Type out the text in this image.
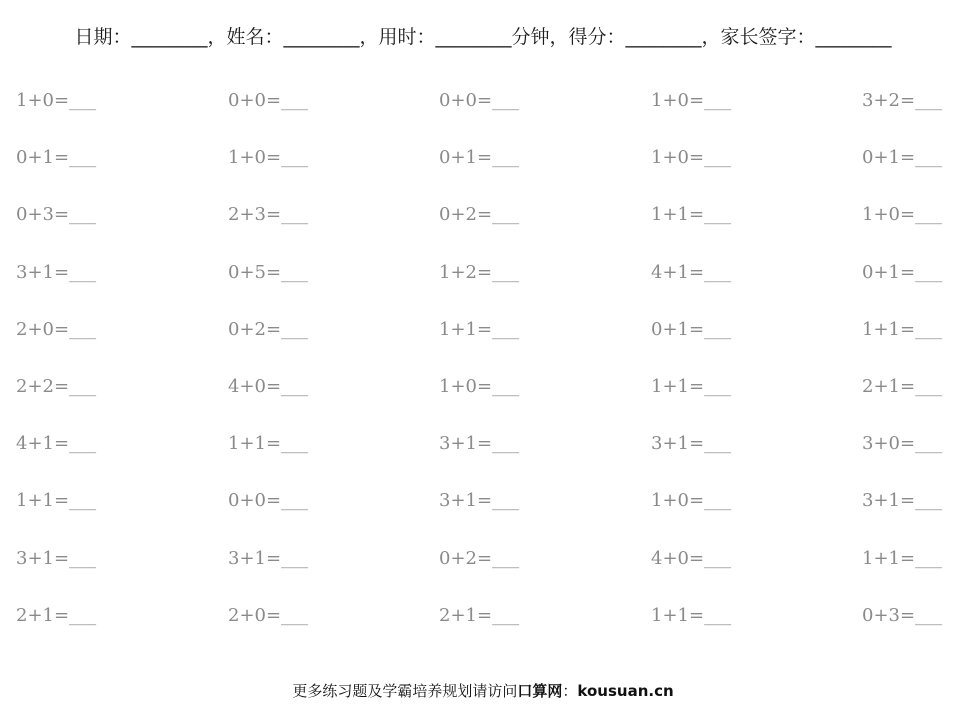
日期：________，姓名：________，用时：________分钟，得分：________，家长签字：________
1+0=___	0+0=___	0+0=___	1+0=___	3+2=___
0+1=___	1+0=___	0+1=___	1+0=___	0+1=___
0+3=___	2+3=___	0+2=___	1+1=___	1+0=___
3+1=___	0+5=___	1+2=___	4+1=___	0+1=___
2+0=___	0+2=___	1+1=___	0+1=___	1+1=___
2+2=___	4+0=___	1+0=___	1+1=___	2+1=___
4+1=___	1+1=___	3+1=___	3+1=___	3+0=___
1+1=___	0+0=___	3+1=___	1+0=___	3+1=___
3+1=___	3+1=___	0+2=___	4+0=___	1+1=___
2+1=___	2+0=___	2+1=___	1+1=___	0+3=___
更多练习题及学霸培养规划请访问口算网：kousuan.cn
